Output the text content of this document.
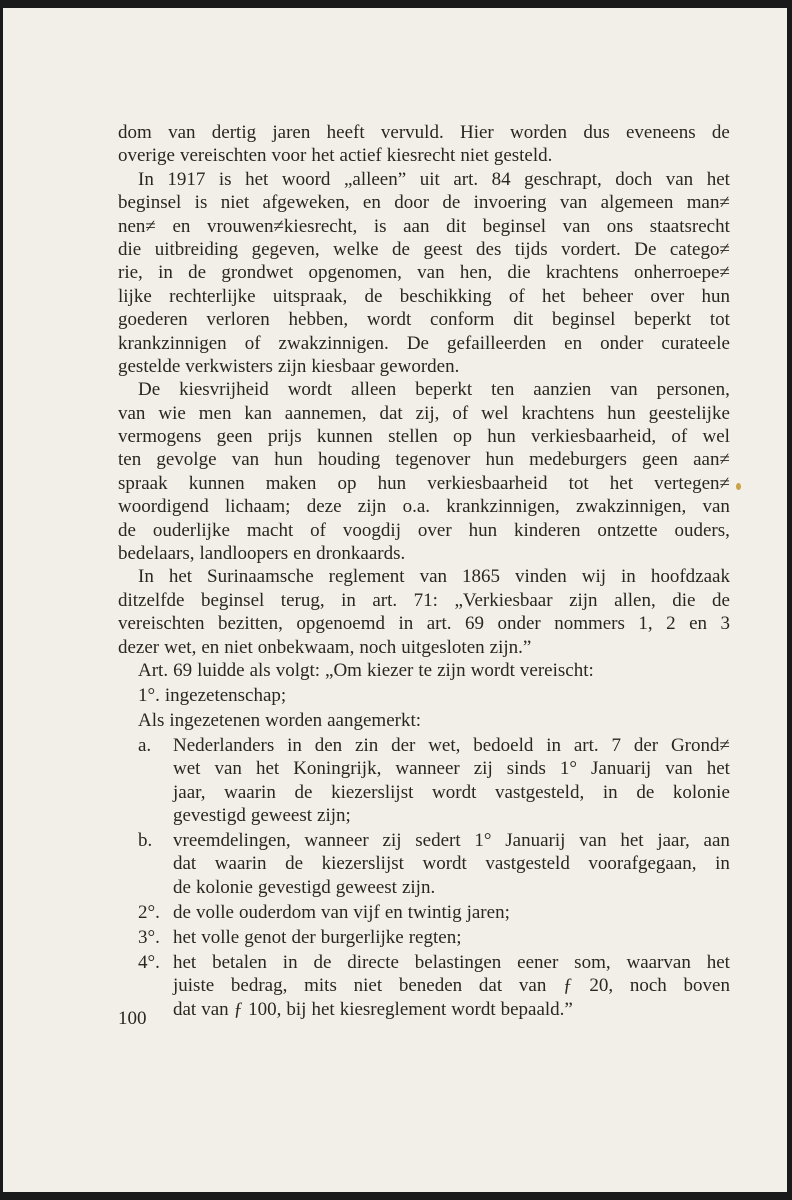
dom van dertig jaren heeft vervuld. Hier worden dus eveneens de
overige vereischten voor het actief kiesrecht niet gesteld.
In 1917 is het woord „alleen” uit art. 84 geschrapt, doch van het
beginsel is niet afgeweken, en door de invoering van algemeen man≠
nen≠ en vrouwen≠kiesrecht, is aan dit beginsel van ons staatsrecht
die uitbreiding gegeven, welke de geest des tijds vordert. De catego≠
rie, in de grondwet opgenomen, van hen, die krachtens onherroepe≠
lijke rechterlijke uitspraak, de beschikking of het beheer over hun
goederen verloren hebben, wordt conform dit beginsel beperkt tot
krankzinnigen of zwakzinnigen. De gefailleerden en onder curateele
gestelde verkwisters zijn kiesbaar geworden.
De kiesvrijheid wordt alleen beperkt ten aanzien van personen,
van wie men kan aannemen, dat zij, of wel krachtens hun geestelijke
vermogens geen prijs kunnen stellen op hun verkiesbaarheid, of wel
ten gevolge van hun houding tegenover hun medeburgers geen aan≠
spraak kunnen maken op hun verkiesbaarheid tot het vertegen≠
woordigend lichaam; deze zijn o.a. krankzinnigen, zwakzinnigen, van
de ouderlijke macht of voogdij over hun kinderen ontzette ouders,
bedelaars, landloopers en dronkaards.
In het Surinaamsche reglement van 1865 vinden wij in hoofdzaak
ditzelfde beginsel terug, in art. 71: „Verkiesbaar zijn allen, die de
vereischten bezitten, opgenoemd in art. 69 onder nommers 1, 2 en 3
dezer wet, en niet onbekwaam, noch uitgesloten zijn.”
Art. 69 luidde als volgt: „Om kiezer te zijn wordt vereischt:
1°. ingezetenschap;
Als ingezetenen worden aangemerkt:
a.	Nederlanders in den zin der wet, bedoeld in art. 7 der Grond≠
wet van het Koningrijk, wanneer zij sinds 1° Januarij van het
jaar, waarin de kiezerslijst wordt vastgesteld, in de kolonie
gevestigd geweest zijn;
b.	vreemdelingen, wanneer zij sedert 1° Januarij van het jaar, aan
dat waarin de kiezerslijst wordt vastgesteld voorafgegaan, in
de kolonie gevestigd geweest zijn.
2°. de volle ouderdom van vijf en twintig jaren;
3°. het volle genot der burgerlijke regten;
4°. het betalen in de directe belastingen eener som, waarvan het
juiste bedrag, mits niet beneden dat van ƒ 20, noch boven
dat van ƒ 100, bij het kiesreglement wordt bepaald.”
100
